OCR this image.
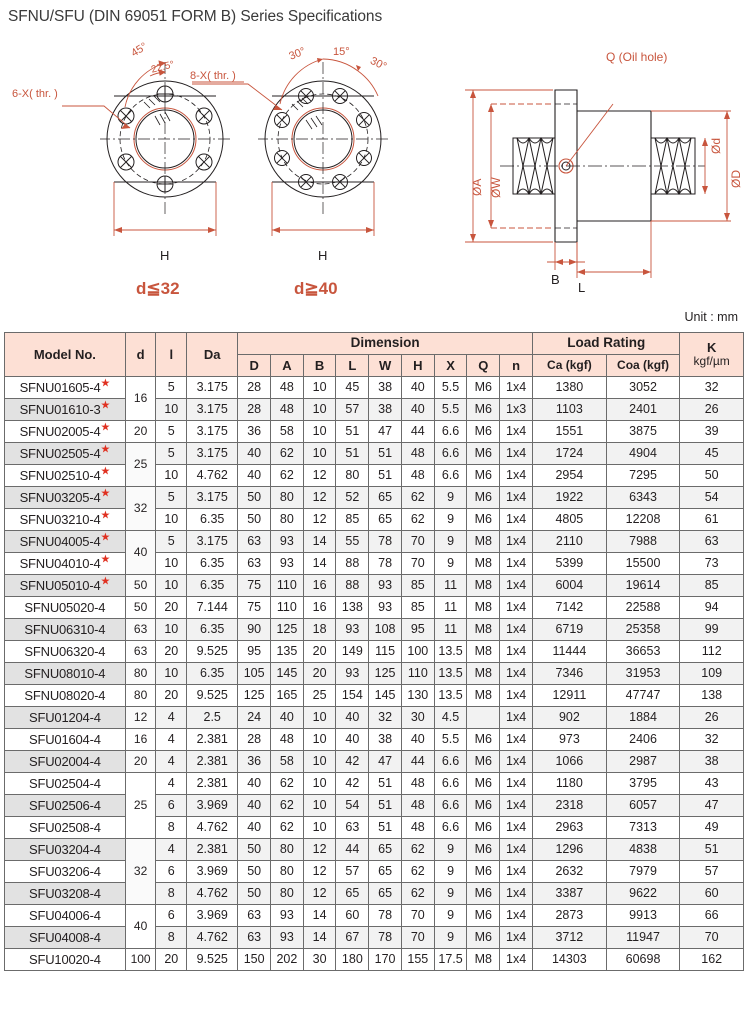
SFNU/SFU (DIN 69051 FORM B) Series Specifications
6-X( thr. )
45°
22.5°
H
d≦32
8-X( thr. )
30° 15°
30°
H
d≧40
Q (Oil hole)
ØA ØW
Ød
ØD
B
L
Unit : mm
Model No.	d	l	Da	Dimension									Load Rating		K
kgf/µm

				D	A	B	L	W	H	X	Q	n	Ca (kgf)	Coa (kgf)	
SFNU01605-4★	16	5	3.175	28	48	10	45	38	40	5.5	M6	1x4	1380	3052	32
SFNU01610-3★		10	3.175	28	48	10	57	38	40	5.5	M6	1x3	1103	2401	26
SFNU02005-4★	20	5	3.175	36	58	10	51	47	44	6.6	M6	1x4	1551	3875	39
SFNU02505-4★	25	5	3.175	40	62	10	51	51	48	6.6	M6	1x4	1724	4904	45
SFNU02510-4★		10	4.762	40	62	12	80	51	48	6.6	M6	1x4	2954	7295	50
SFNU03205-4★	32	5	3.175	50	80	12	52	65	62	9	M6	1x4	1922	6343	54
SFNU03210-4★		10	6.35	50	80	12	85	65	62	9	M6	1x4	4805	12208	61
SFNU04005-4★	40	5	3.175	63	93	14	55	78	70	9	M8	1x4	2110	7988	63
SFNU04010-4★		10	6.35	63	93	14	88	78	70	9	M8	1x4	5399	15500	73
SFNU05010-4★	50	10	6.35	75	110	16	88	93	85	11	M8	1x4	6004	19614	85
SFNU05020-4	50	20	7.144	75	110	16	138	93	85	11	M8	1x4	7142	22588	94
SFNU06310-4	63	10	6.35	90	125	18	93	108	95	11	M8	1x4	6719	25358	99
SFNU06320-4	63	20	9.525	95	135	20	149	115	100	13.5	M8	1x4	11444	36653	112
SFNU08010-4	80	10	6.35	105	145	20	93	125	110	13.5	M8	1x4	7346	31953	109
SFNU08020-4	80	20	9.525	125	165	25	154	145	130	13.5	M8	1x4	12911	47747	138
SFU01204-4	12	4	2.5	24	40	10	40	32	30	4.5		1x4	902	1884	26
SFU01604-4	16	4	2.381	28	48	10	40	38	40	5.5	M6	1x4	973	2406	32
SFU02004-4	20	4	2.381	36	58	10	42	47	44	6.6	M6	1x4	1066	2987	38
SFU02504-4	25	4	2.381	40	62	10	42	51	48	6.6	M6	1x4	1180	3795	43
SFU02506-4		6	3.969	40	62	10	54	51	48	6.6	M6	1x4	2318	6057	47
SFU02508-4		8	4.762	40	62	10	63	51	48	6.6	M6	1x4	2963	7313	49
SFU03204-4	32	4	2.381	50	80	12	44	65	62	9	M6	1x4	1296	4838	51
SFU03206-4		6	3.969	50	80	12	57	65	62	9	M6	1x4	2632	7979	57
SFU03208-4		8	4.762	50	80	12	65	65	62	9	M6	1x4	3387	9622	60
SFU04006-4	40	6	3.969	63	93	14	60	78	70	9	M6	1x4	2873	9913	66
SFU04008-4		8	4.762	63	93	14	67	78	70	9	M6	1x4	3712	11947	70
SFU10020-4	100	20	9.525	150	202	30	180	170	155	17.5	M8	1x4	14303	60698	162
